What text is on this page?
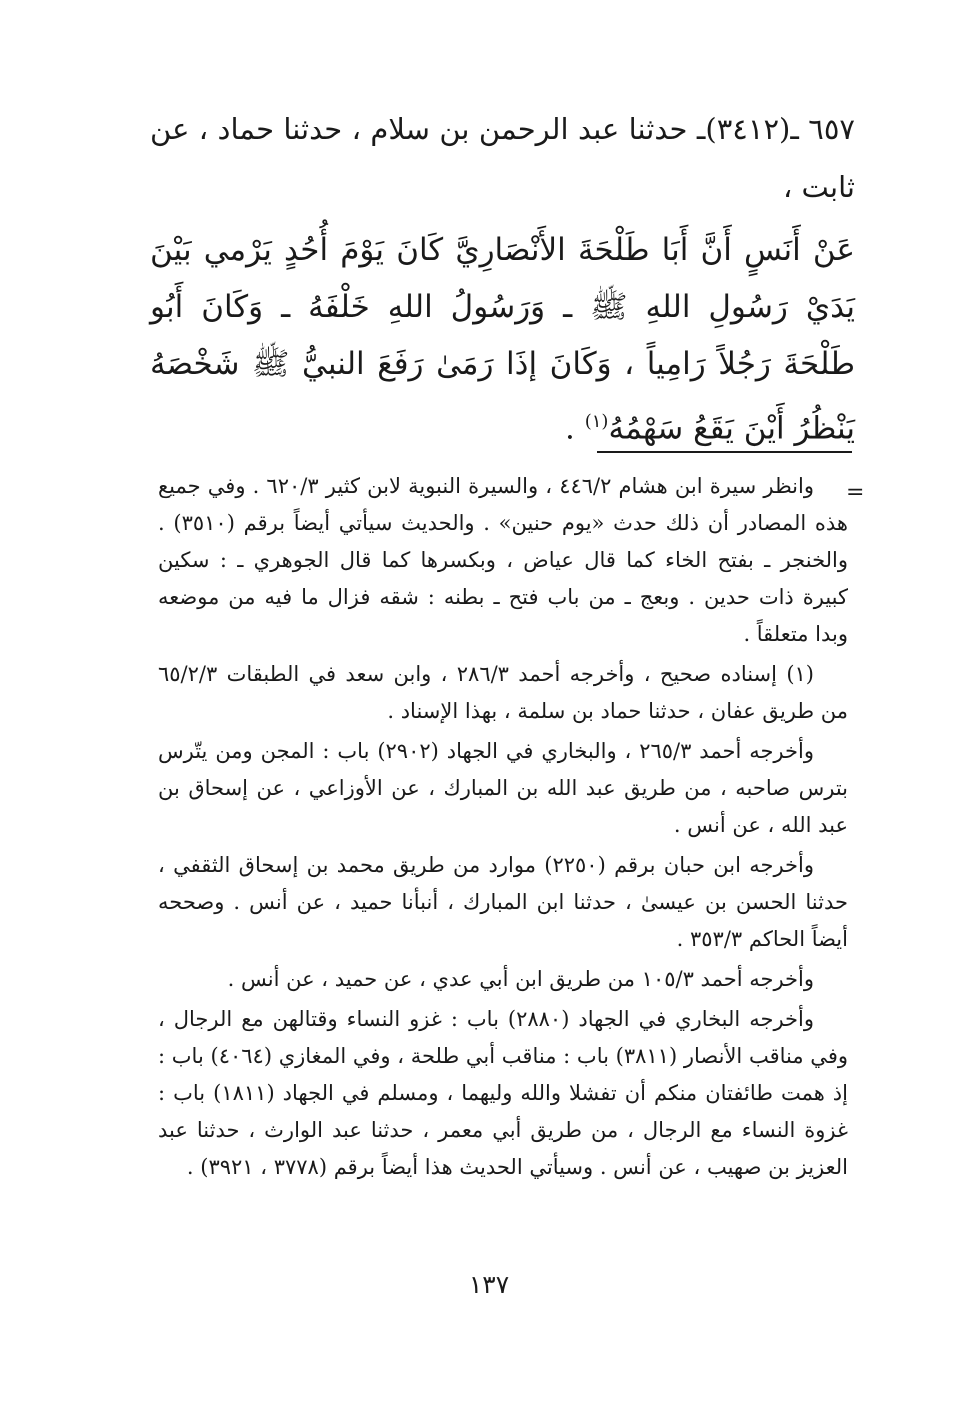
٦٥٧ ـ(٣٤١٢)ـ حدثنا عبد الرحمن بن سلام ، حدثنا حماد ، عن ثابت ،

عَنْ أَنَسٍ أَنَّ أَبَا طَلْحَةَ الأَنْصَارِيَّ كَانَ يَوْمَ أُحُدٍ يَرْمي بَيْنَ يَدَيْ رَسُولِ اللهِ ﷺ ـ وَرَسُولُ اللهِ خَلْفَهُ ـ وَكَانَ أَبُو طَلْحَةَ رَجُلاً رَامِياً ، وَكَانَ إذَا رَمَىٰ رَفَعَ النبيُّ ﷺ شَخْصَهُ يَنْظُرُ أَيْنَ يَقَعُ سَهْمُهُ$^{(١)}$ .

=

وانظر سيرة ابن هشام ٤٤٦/٢ ، والسيرة النبوية لابن كثير ٦٢٠/٣ . وفي جميع هذه المصادر أن ذلك حدث «يوم حنين» . والحديث سيأتي أيضاً برقم (٣٥١٠) . والخنجر ـ بفتح الخاء كما قال عياض ، وبكسرها كما قال الجوهري ـ : سكين كبيرة ذات حدين . وبعج ـ من باب فتح ـ بطنه : شقه فزال ما فيه من موضعه وبدا متعلقاً .

(١) إسناده صحيح ، وأخرجه أحمد ٢٨٦/٣ ، وابن سعد في الطبقات ٦٥/٢/٣ من طريق عفان ، حدثنا حماد بن سلمة ، بهذا الإسناد .

وأخرجه أحمد ٢٦٥/٣ ، والبخاري في الجهاد (٢٩٠٢) باب : المجن ومن يتّرس بترس صاحبه ، من طريق عبد الله بن المبارك ، عن الأوزاعي ، عن إسحاق بن عبد الله ، عن أنس .

وأخرجه ابن حبان برقم (٢٢٥٠) موارد من طريق محمد بن إسحاق الثقفي ، حدثنا الحسن بن عيسىٰ ، حدثنا ابن المبارك ، أنبأنا حميد ، عن أنس . وصححه أيضاً الحاكم ٣٥٣/٣ .

وأخرجه أحمد ١٠٥/٣ من طريق ابن أبي عدي ، عن حميد ، عن أنس .

وأخرجه البخاري في الجهاد (٢٨٨٠) باب : غزو النساء وقتالهن مع الرجال ، وفي مناقب الأنصار (٣٨١١) باب : مناقب أبي طلحة ، وفي المغازي (٤٠٦٤) باب : إذ همت طائفتان منكم أن تفشلا والله وليهما ، ومسلم في الجهاد (١٨١١) باب : غزوة النساء مع الرجال ، من طريق أبي معمر ، حدثنا عبد الوارث ، حدثنا عبد العزيز بن صهيب ، عن أنس . وسيأتي الحديث هذا أيضاً برقم (٣٧٧٨ ، ٣٩٢١) .

١٣٧
